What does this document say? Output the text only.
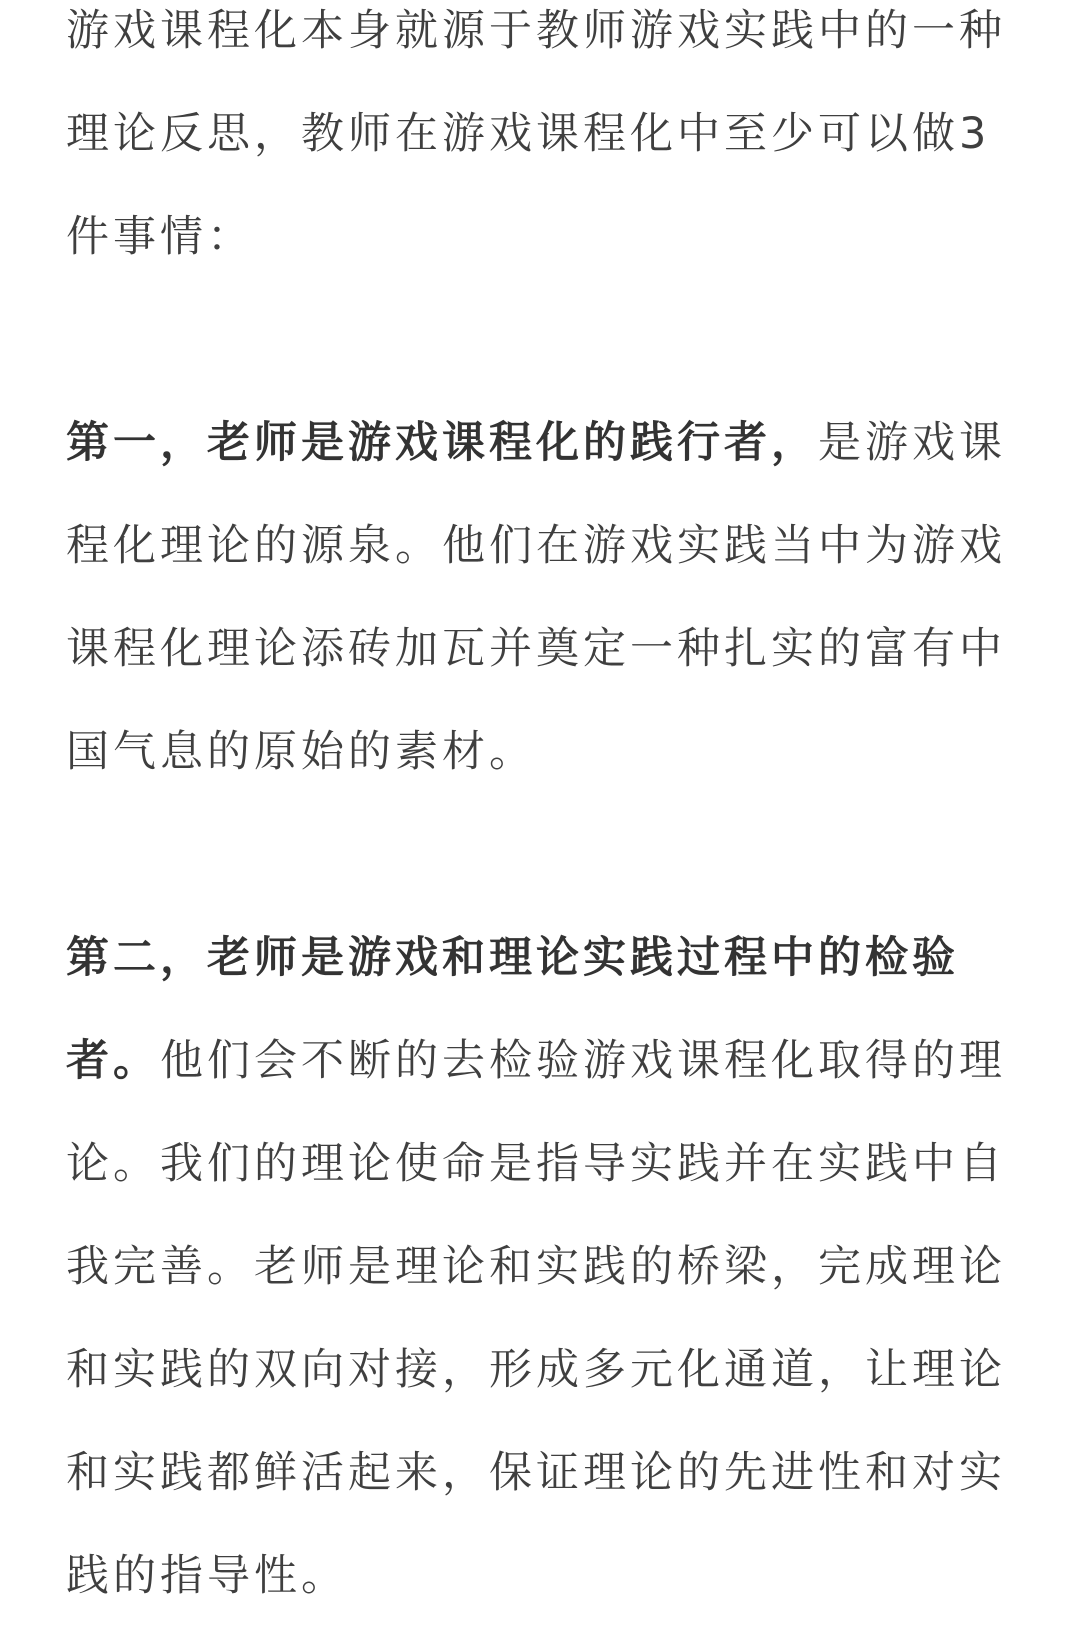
游戏课程化本身就源于教师游戏实践中的一种理论反思，教师在游戏课程化中至少可以做3件事情：

第一，老师是游戏课程化的践行者，是游戏课程化理论的源泉。他们在游戏实践当中为游戏课程化理论添砖加瓦并奠定一种扎实的富有中国气息的原始的素材。

第二，老师是游戏和理论实践过程中的检验者。他们会不断的去检验游戏课程化取得的理论。我们的理论使命是指导实践并在实践中自我完善。老师是理论和实践的桥梁，完成理论和实践的双向对接，形成多元化通道，让理论和实践都鲜活起来，保证理论的先进性和对实践的指导性。
